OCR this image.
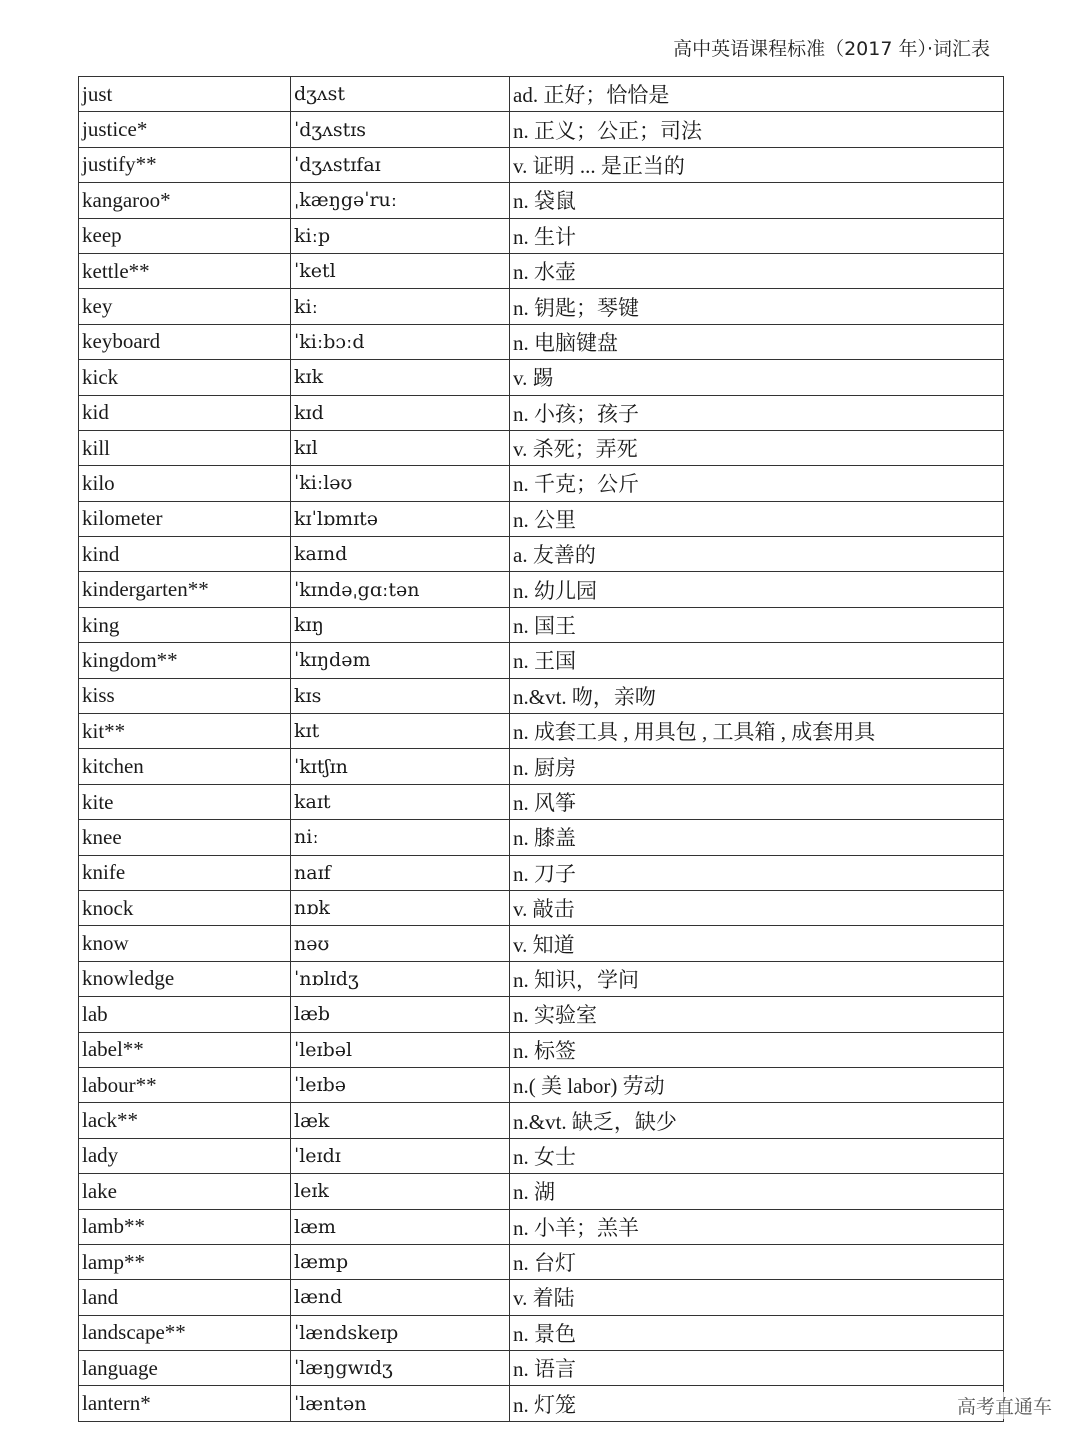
高中英语课程标准（2017 年）·词汇表
just	dʒʌst	ad. 正好；恰恰是
justice*	ˈdʒʌstɪs	n. 正义；公正；司法
justify**	ˈdʒʌstɪfaɪ	v. 证明 ... 是正当的
kangaroo*	ˌkæŋgəˈruː	n. 袋鼠
keep	kiːp	n. 生计
kettle**	ˈketl	n. 水壶
key	kiː	n. 钥匙；琴键
keyboard	ˈkiːbɔːd	n. 电脑键盘
kick	kɪk	v. 踢
kid	kɪd	n. 小孩；孩子
kill	kɪl	v. 杀死；弄死
kilo	ˈkiːləʊ	n. 千克；公斤
kilometer	kɪˈlɒmɪtə	n. 公里
kind	kaɪnd	a. 友善的
kindergarten**	ˈkɪndəˌgɑːtən	n. 幼儿园
king	kɪŋ	n. 国王
kingdom**	ˈkɪŋdəm	n. 王国
kiss	kɪs	n.&vt. 吻，亲吻
kit**	kɪt	n. 成套工具 , 用具包 , 工具箱 , 成套用具
kitchen	ˈkɪtʃɪn	n. 厨房
kite	kaɪt	n. 风筝
knee	niː	n. 膝盖
knife	naɪf	n. 刀子
knock	nɒk	v. 敲击
know	nəʊ	v. 知道
knowledge	ˈnɒlɪdʒ	n. 知识，学问
lab	læb	n. 实验室
label**	ˈleɪbəl	n. 标签
labour**	ˈleɪbə	n.( 美 labor) 劳动
lack**	læk	n.&vt. 缺乏，缺少
lady	ˈleɪdɪ	n. 女士
lake	leɪk	n. 湖
lamb**	læm	n. 小羊；羔羊
lamp**	læmp	n. 台灯
land	lænd	v. 着陆
landscape**	ˈlændskeɪp	n. 景色
language	ˈlæŋgwɪdʒ	n. 语言
lantern*	ˈlæntən	n. 灯笼	高考直通车
